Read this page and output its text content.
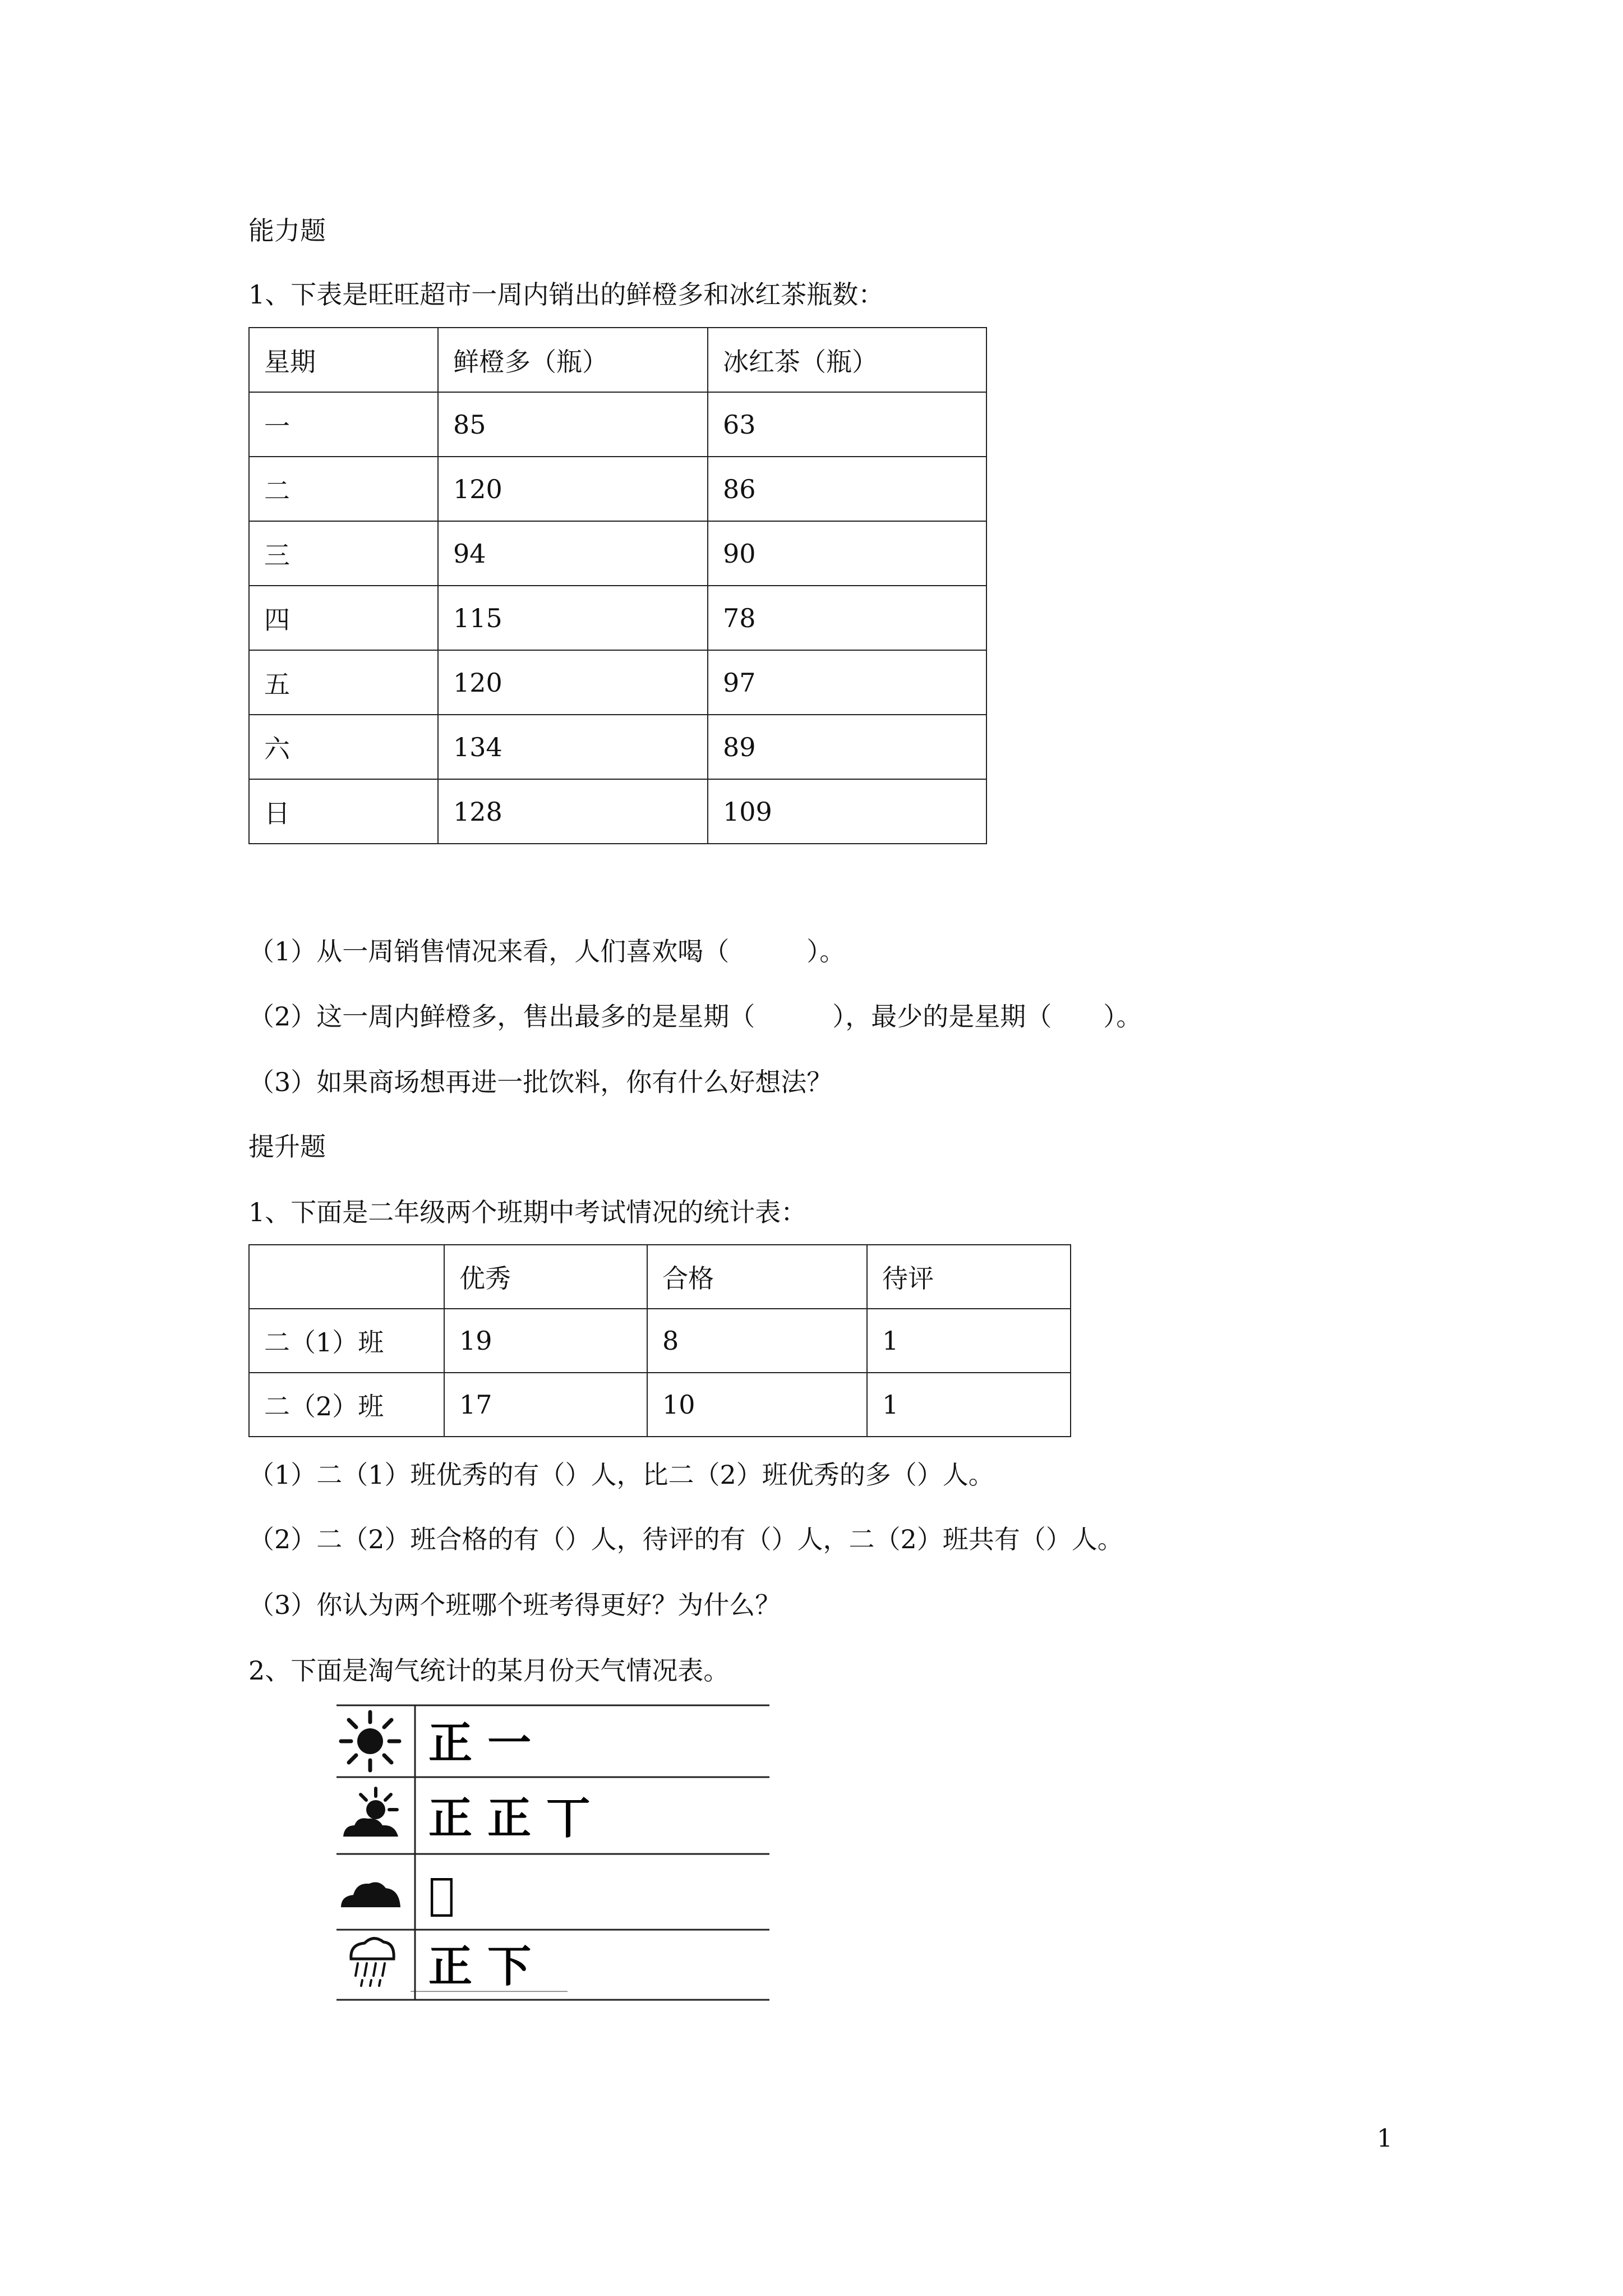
能力题
1、下表是旺旺超市一周内销出的鲜橙多和冰红茶瓶数：
星期	鲜橙多（瓶）	冰红茶（瓶）
一	85	63
二	120	86
三	94	90
四	115	78
五	120	97
六	134	89
日	128	109
（1）从一周销售情况来看，人们喜欢喝（　　　）。
（2）这一周内鲜橙多，售出最多的是星期（　　　），最少的是星期（　　）。
（3）如果商场想再进一批饮料，你有什么好想法？
提升题
1、下面是二年级两个班期中考试情况的统计表：
	优秀	合格	待评
二（1）班	19	8	1
二（2）班	17	10	1
（1）二（1）班优秀的有（）人，比二（2）班优秀的多（）人。
（2）二（2）班合格的有（）人，待评的有（）人，二（2）班共有（）人。
（3）你认为两个班哪个班考得更好？为什么？
2、下面是淘气统计的某月份天气情况表。
正 一
正 正 丅
𠀆
正 下
1
